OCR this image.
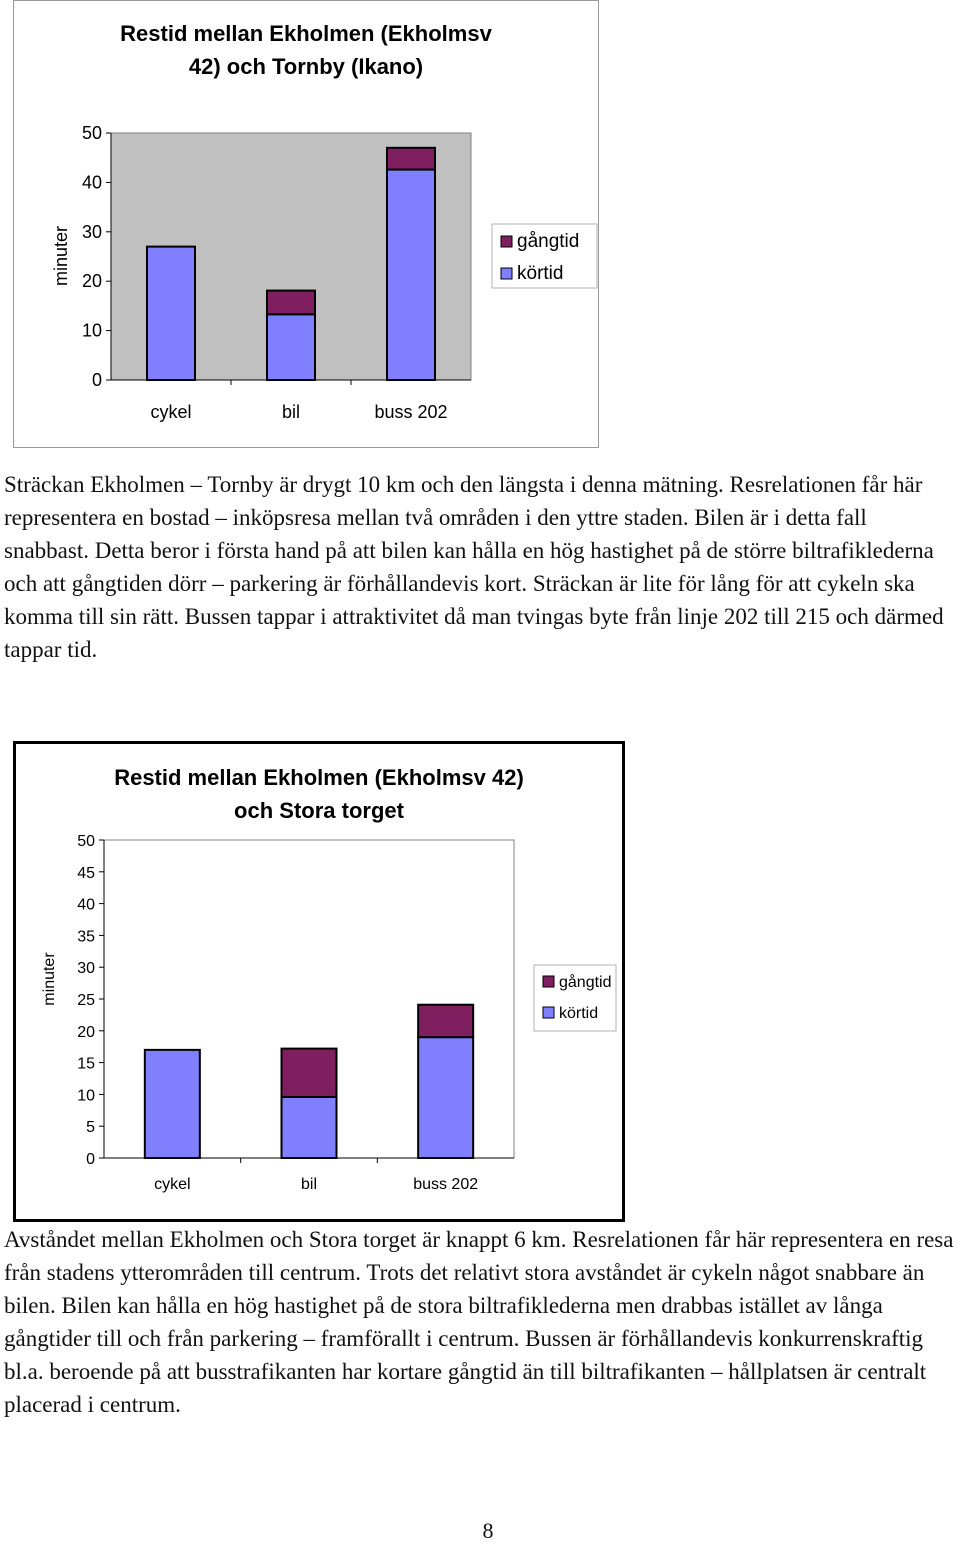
Restid mellan Ekholmen (Ekholmsv
42) och Tornby (Ikano)
0
10
20
30
40
50
minuter
cykel	bil	buss 202
gångtid
körtid

Sträckan Ekholmen – Tornby är drygt 10 km och den längsta i denna mätning. Resrelationen får här representera en bostad – inköpsresa mellan två områden i den yttre staden. Bilen är i detta fall snabbast. Detta beror i första hand på att bilen kan hålla en hög hastighet på de större biltrafiklederna och att gångtiden dörr – parkering är förhållandevis kort. Sträckan är lite för lång för att cykeln ska komma till sin rätt. Bussen tappar i attraktivitet då man tvingas byte från linje 202 till 215 och därmed tappar tid.

Restid mellan Ekholmen (Ekholmsv 42)
och Stora torget
0
5
10
15
20
25
30
35
40
45
50
minuter
cykel	bil	buss 202
gångtid
körtid

Avståndet mellan Ekholmen och Stora torget är knappt 6 km. Resrelationen får här representera en resa från stadens ytterområden till centrum. Trots det relativt stora avståndet är cykeln något snabbare än bilen. Bilen kan hålla en hög hastighet på de stora biltrafiklederna men drabbas istället av långa gångtider till och från parkering – framförallt i centrum. Bussen är förhållandevis konkurrenskraftig bl.a. beroende på att busstrafikanten har kortare gångtid än till biltrafikanten – hållplatsen är centralt placerad i centrum.

8
